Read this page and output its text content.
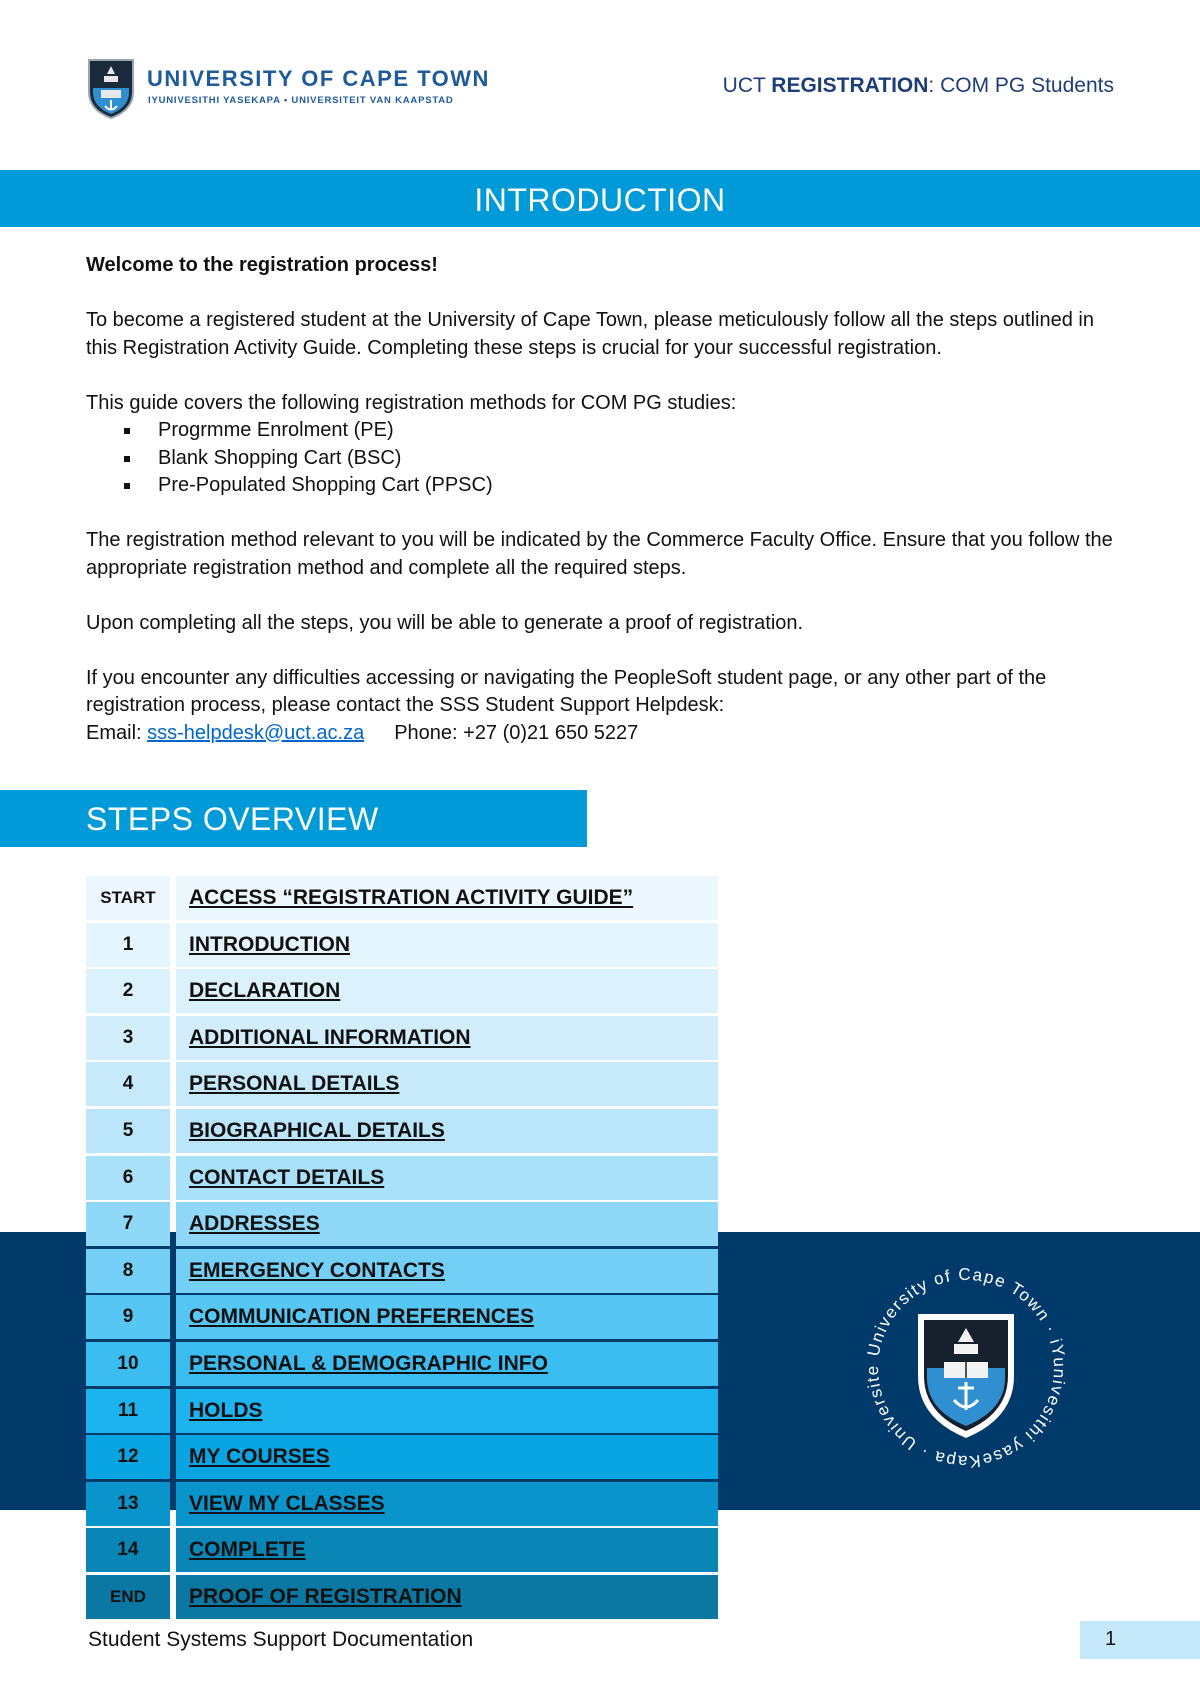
UNIVERSITY OF CAPE TOWN
IYUNIVESITHI YASEKAPA • UNIVERSITEIT VAN KAAPSTAD
UCT REGISTRATION: COM PG Students
INTRODUCTION

Welcome to the registration process!

To become a registered student at the University of Cape Town, please meticulously follow all the steps outlined in this Registration Activity Guide. Completing these steps is crucial for your successful registration.

This guide covers the following registration methods for COM PG studies:
Progrmme Enrolment (PE)
Blank Shopping Cart (BSC)
Pre-Populated Shopping Cart (PPSC)

The registration method relevant to you will be indicated by the Commerce Faculty Office. Ensure that you follow the appropriate registration method and complete all the required steps.

Upon completing all the steps, you will be able to generate a proof of registration.

If you encounter any difficulties accessing or navigating the PeopleSoft student page, or any other part of the registration process, please contact the SSS Student Support Helpdesk:
Email: sss-helpdesk@uct.ac.za Phone: +27 (0)21 650 5227
STEPS OVERVIEW
University of Cape Town · iYunivesithi yaseKapa · Universite
START	ACCESS “REGISTRATION ACTIVITY GUIDE”
1	INTRODUCTION
2	DECLARATION
3	ADDITIONAL INFORMATION
4	PERSONAL DETAILS
5	BIOGRAPHICAL DETAILS
6	CONTACT DETAILS
7	ADDRESSES
8	EMERGENCY CONTACTS
9	COMMUNICATION PREFERENCES
10	PERSONAL & DEMOGRAPHIC INFO
11	HOLDS
12	MY COURSES
13	VIEW MY CLASSES
14	COMPLETE
END	PROOF OF REGISTRATION
Student Systems Support Documentation	1
